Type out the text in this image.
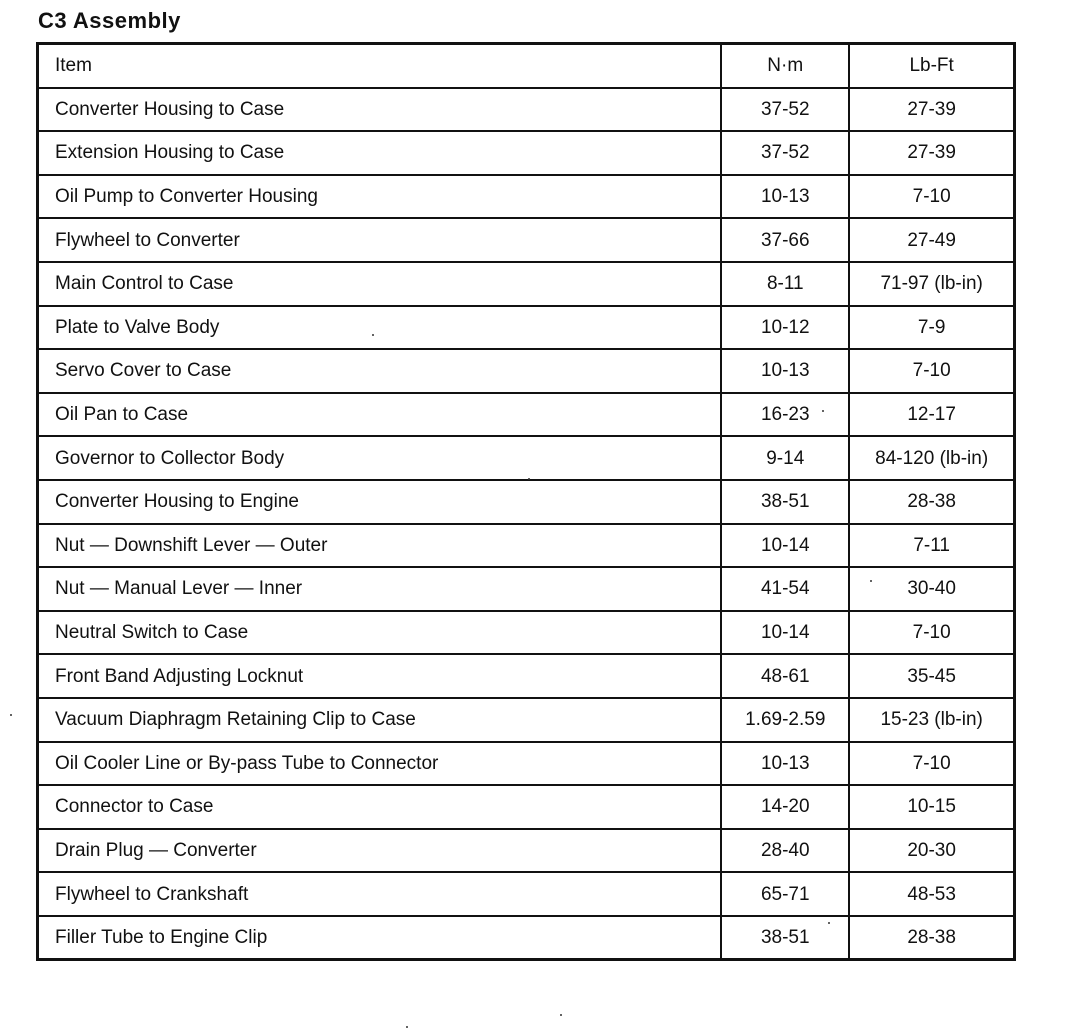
C3 Assembly
Item	N·m	Lb-Ft
Converter Housing to Case	37-52	27-39
Extension Housing to Case	37-52	27-39
Oil Pump to Converter Housing	10-13	7-10
Flywheel to Converter	37-66	27-49
Main Control to Case	8-11	71-97 (lb-in)
Plate to Valve Body	10-12	7-9
Servo Cover to Case	10-13	7-10
Oil Pan to Case	16-23	12-17
Governor to Collector Body	9-14	84-120 (lb-in)
Converter Housing to Engine	38-51	28-38
Nut — Downshift Lever — Outer	10-14	7-11
Nut — Manual Lever — Inner	41-54	30-40
Neutral Switch to Case	10-14	7-10
Front Band Adjusting Locknut	48-61	35-45
Vacuum Diaphragm Retaining Clip to Case	1.69-2.59	15-23 (lb-in)
Oil Cooler Line or By-pass Tube to Connector	10-13	7-10
Connector to Case	14-20	10-15
Drain Plug — Converter	28-40	20-30
Flywheel to Crankshaft	65-71	48-53
Filler Tube to Engine Clip	38-51	28-38
